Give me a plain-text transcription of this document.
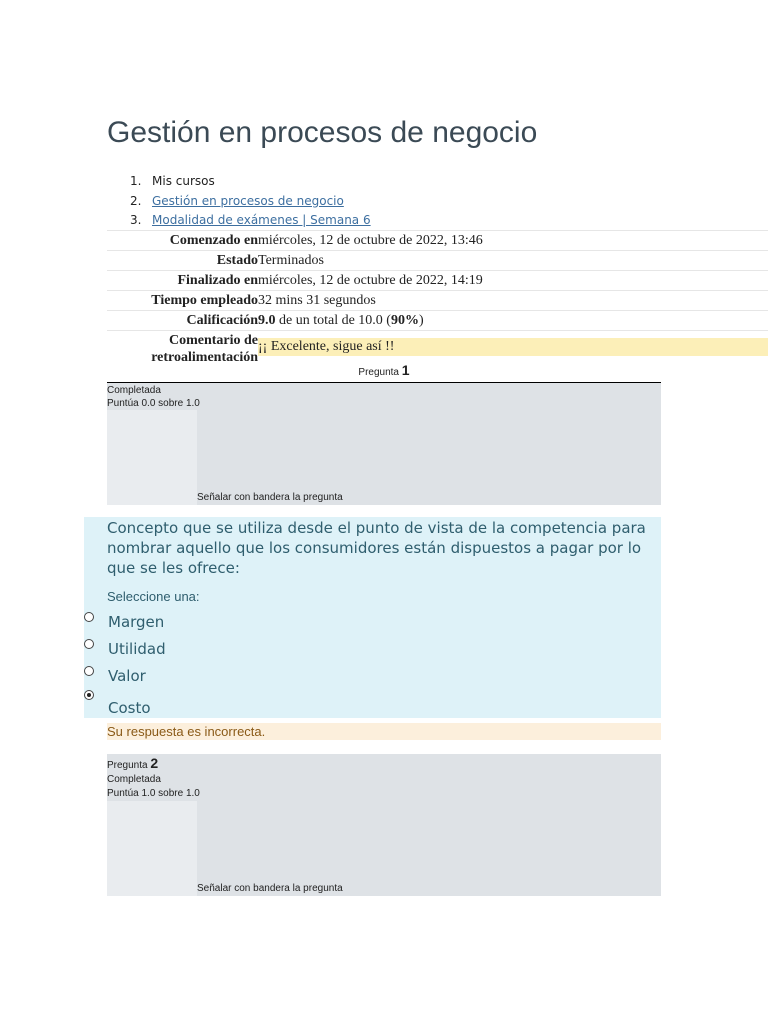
Gestión en procesos de negocio
1. Mis cursos
2. Gestión en procesos de negocio
3. Modalidad de exámenes | Semana 6
Comenzado en miércoles, 12 de octubre de 2022, 13:46
Estado Terminados
Finalizado en miércoles, 12 de octubre de 2022, 14:19
Tiempo empleado 32 mins 31 segundos
Calificación 9.0 de un total de 10.0 (90%)
Comentario de
retroalimentación
¡¡ Excelente, sigue así !!
Pregunta 1
Completada
Puntúa 0.0 sobre 1.0
Señalar con bandera la pregunta
Concepto que se utiliza desde el punto de vista de la competencia para nombrar aquello que los consumidores están dispuestos a pagar por lo que se les ofrece:
Seleccione una:
Margen
Utilidad
Valor
Costo
Su respuesta es incorrecta.
Pregunta 2
Completada
Puntúa 1.0 sobre 1.0
Señalar con bandera la pregunta
